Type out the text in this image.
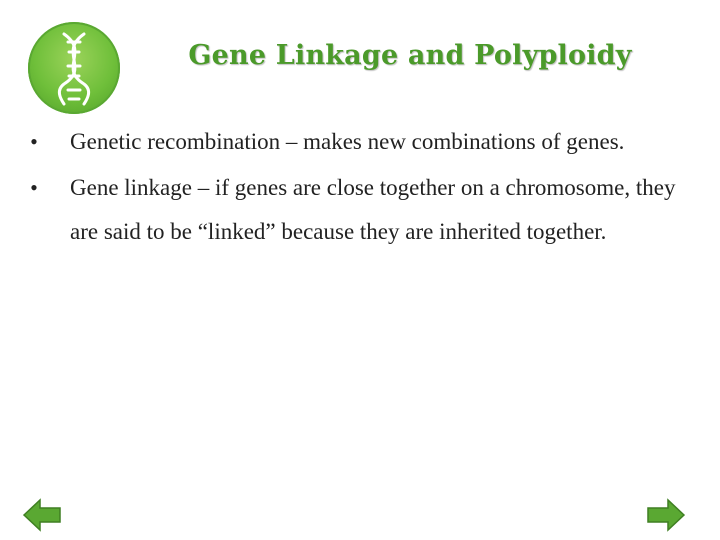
Gene Linkage and Polyploidy
• Genetic recombination – makes new combinations of genes.
• Gene linkage – if genes are close together on a chromosome, they are said to be “linked” because they are inherited together.
